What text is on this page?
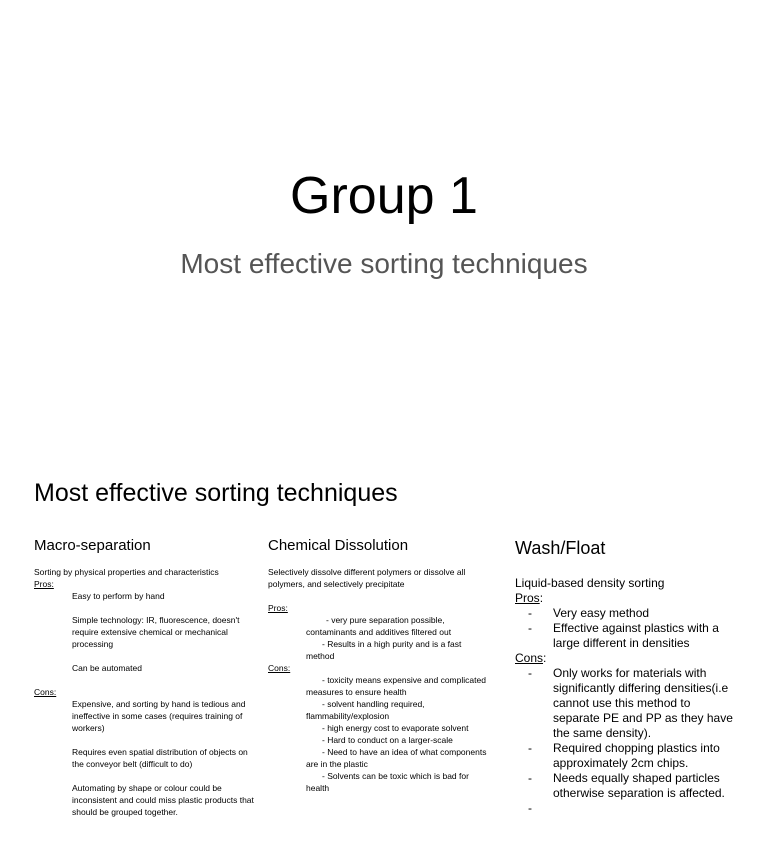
Group 1
Most effective sorting techniques
Most effective sorting techniques
Macro-separation
Sorting by physical properties and characteristics
Pros:
Easy to perform by hand
Simple technology: IR, fluorescence, doesn't require extensive chemical or mechanical processing
Can be automated
Cons:
Expensive, and sorting by hand is tedious and ineffective in some cases (requires training of workers)
Requires even spatial distribution of objects on the conveyor belt (difficult to do)
Automating by shape or colour could be inconsistent and could miss plastic products that should be grouped together.
Chemical Dissolution
Selectively dissolve different polymers or dissolve all polymers, and selectively precipitate
Pros:
- very pure separation possible, contaminants and additives filtered out
- Results in a high purity and is a fast method
Cons:
- toxicity means expensive and complicated measures to ensure health
- solvent handling required, flammability/explosion
- high energy cost to evaporate solvent
- Hard to conduct on a larger-scale
- Need to have an idea of what components are in the plastic
- Solvents can be toxic which is bad for health
Wash/Float
Liquid-based density sorting
Pros:
- Very easy method
- Effective against plastics with a large different in densities
Cons:
- Only works for materials with significantly differing densities(i.e cannot use this method to separate PE and PP as they have the same density).
- Required chopping plastics into approximately 2cm chips.
- Needs equally shaped particles otherwise separation is affected.
-
